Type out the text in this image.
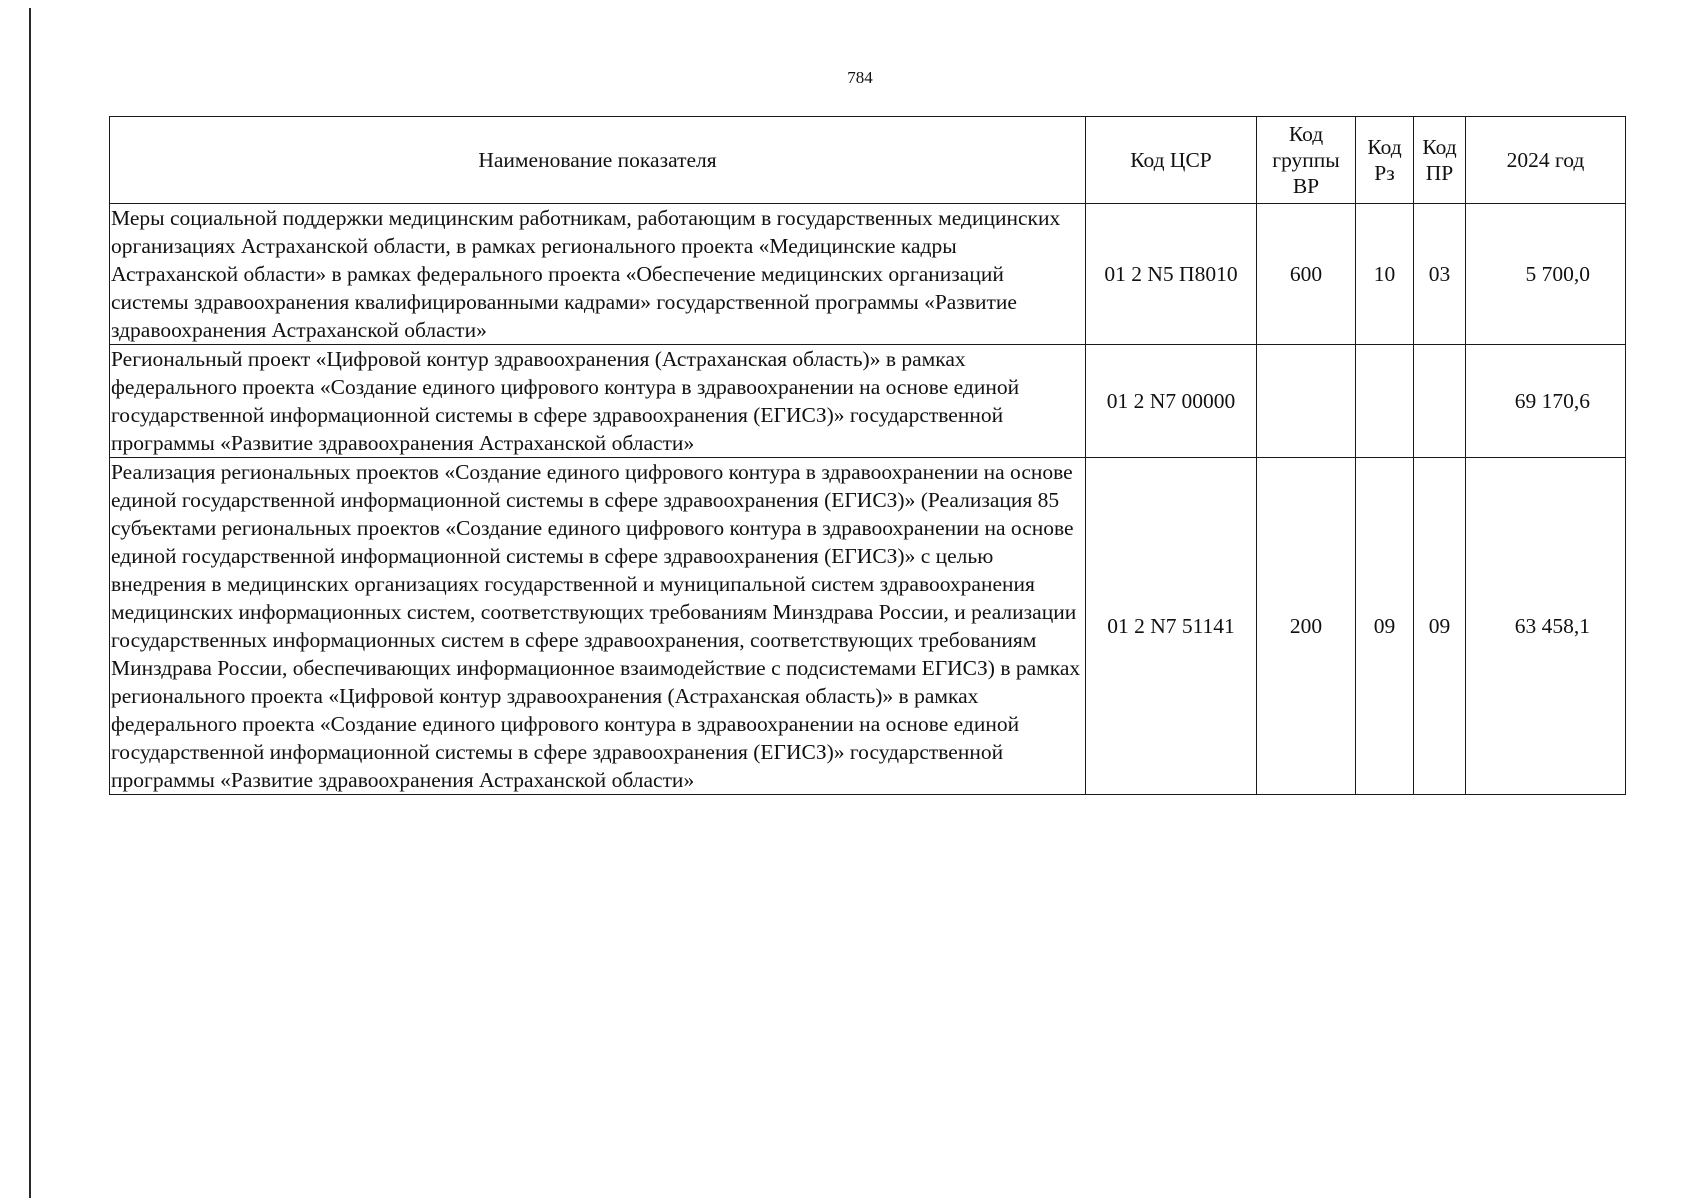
784
Наименование показателя	Код ЦСР	Код группы ВР	Код Рз	Код ПР	2024 год
Меры социальной поддержки медицинским работникам, работающим в государственных медицинских организациях Астраханской области, в рамках регионального проекта «Медицинские кадры Астраханской области» в рамках федерального проекта «Обеспечение медицинских организаций системы здравоохранения квалифицированными кадрами» государственной программы «Развитие здравоохранения Астраханской области»	01 2 N5 П8010	600	10	03	5 700,0
Региональный проект «Цифровой контур здравоохранения (Астраханская область)» в рамках федерального проекта «Создание единого цифрового контура в здравоохранении на основе единой государственной информационной системы в сфере здравоохранения (ЕГИСЗ)» государственной программы «Развитие здравоохранения Астраханской области»	01 2 N7 00000				69 170,6
Реализация региональных проектов «Создание единого цифрового контура в здравоохранении на основе единой государственной информационной системы в сфере здравоохранения (ЕГИСЗ)» (Реализация 85 субъектами региональных проектов «Создание единого цифрового контура в здравоохранении на основе единой государственной информационной системы в сфере здравоохранения (ЕГИСЗ)» с целью внедрения в медицинских организациях государственной и муниципальной систем здравоохранения медицинских информационных систем, соответствующих требованиям Минздрава России, и реализации государственных информационных систем в сфере здравоохранения, соответствующих требованиям Минздрава России, обеспечивающих информационное взаимодействие с подсистемами ЕГИСЗ) в рамках регионального проекта «Цифровой контур здравоохранения (Астраханская область)» в рамках федерального проекта «Создание единого цифрового контура в здравоохранении на основе единой государственной информационной системы в сфере здравоохранения (ЕГИСЗ)» государственной программы «Развитие здравоохранения Астраханской области»	01 2 N7 51141	200	09	09	63 458,1
